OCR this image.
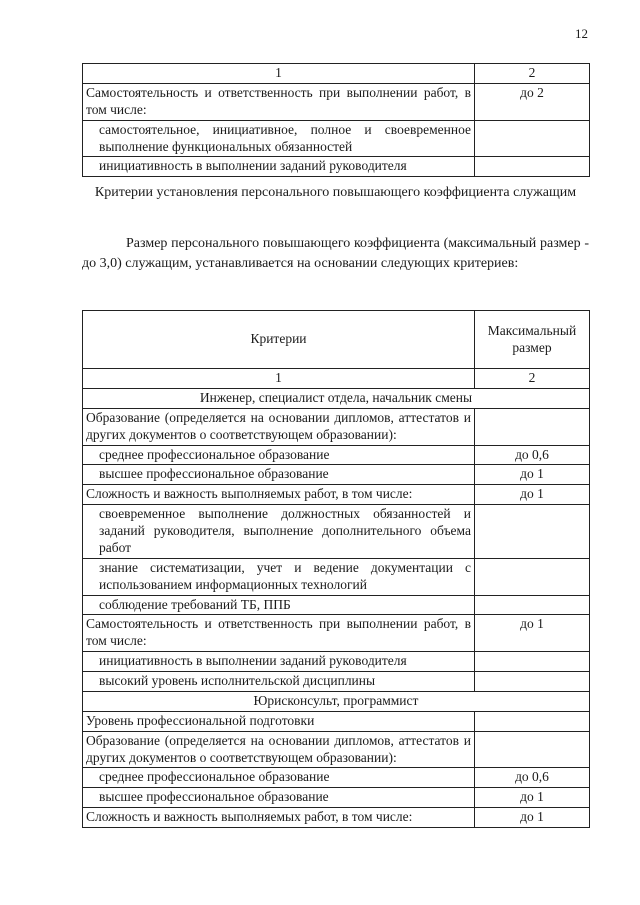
12
1	2
Самостоятельность и ответственность при выполнении работ, в том числе:	до 2
самостоятельное, инициативное, полное и своевременное выполнение функциональных обязанностей	
инициативность в выполнении заданий руководителя	
Критерии установления персонального повышающего коэффициента служащим
Размер персонального повышающего коэффициента (максимальный размер - до 3,0) служащим, устанавливается на основании следующих критериев:
Критерии	Максимальный размер
1	2
Инженер, специалист отдела, начальник смены	
Образование (определяется на основании дипломов, аттестатов и других документов о соответствующем образовании):	
среднее профессиональное образование	до 0,6
высшее профессиональное образование	до 1
Сложность и важность выполняемых работ, в том числе:	до 1
своевременное выполнение должностных обязанностей и заданий руководителя, выполнение дополнительного объема работ	
знание систематизации, учет и ведение документации с использованием информационных технологий	
соблюдение требований ТБ, ППБ	
Самостоятельность и ответственность при выполнении работ, в том числе:	до 1
инициативность в выполнении заданий руководителя	
высокий уровень исполнительской дисциплины	
Юрисконсульт, программист	
Уровень профессиональной подготовки	
Образование (определяется на основании дипломов, аттестатов и других документов о соответствующем образовании):	
среднее профессиональное образование	до 0,6
высшее профессиональное образование	до 1
Сложность и важность выполняемых работ, в том числе:	до 1
